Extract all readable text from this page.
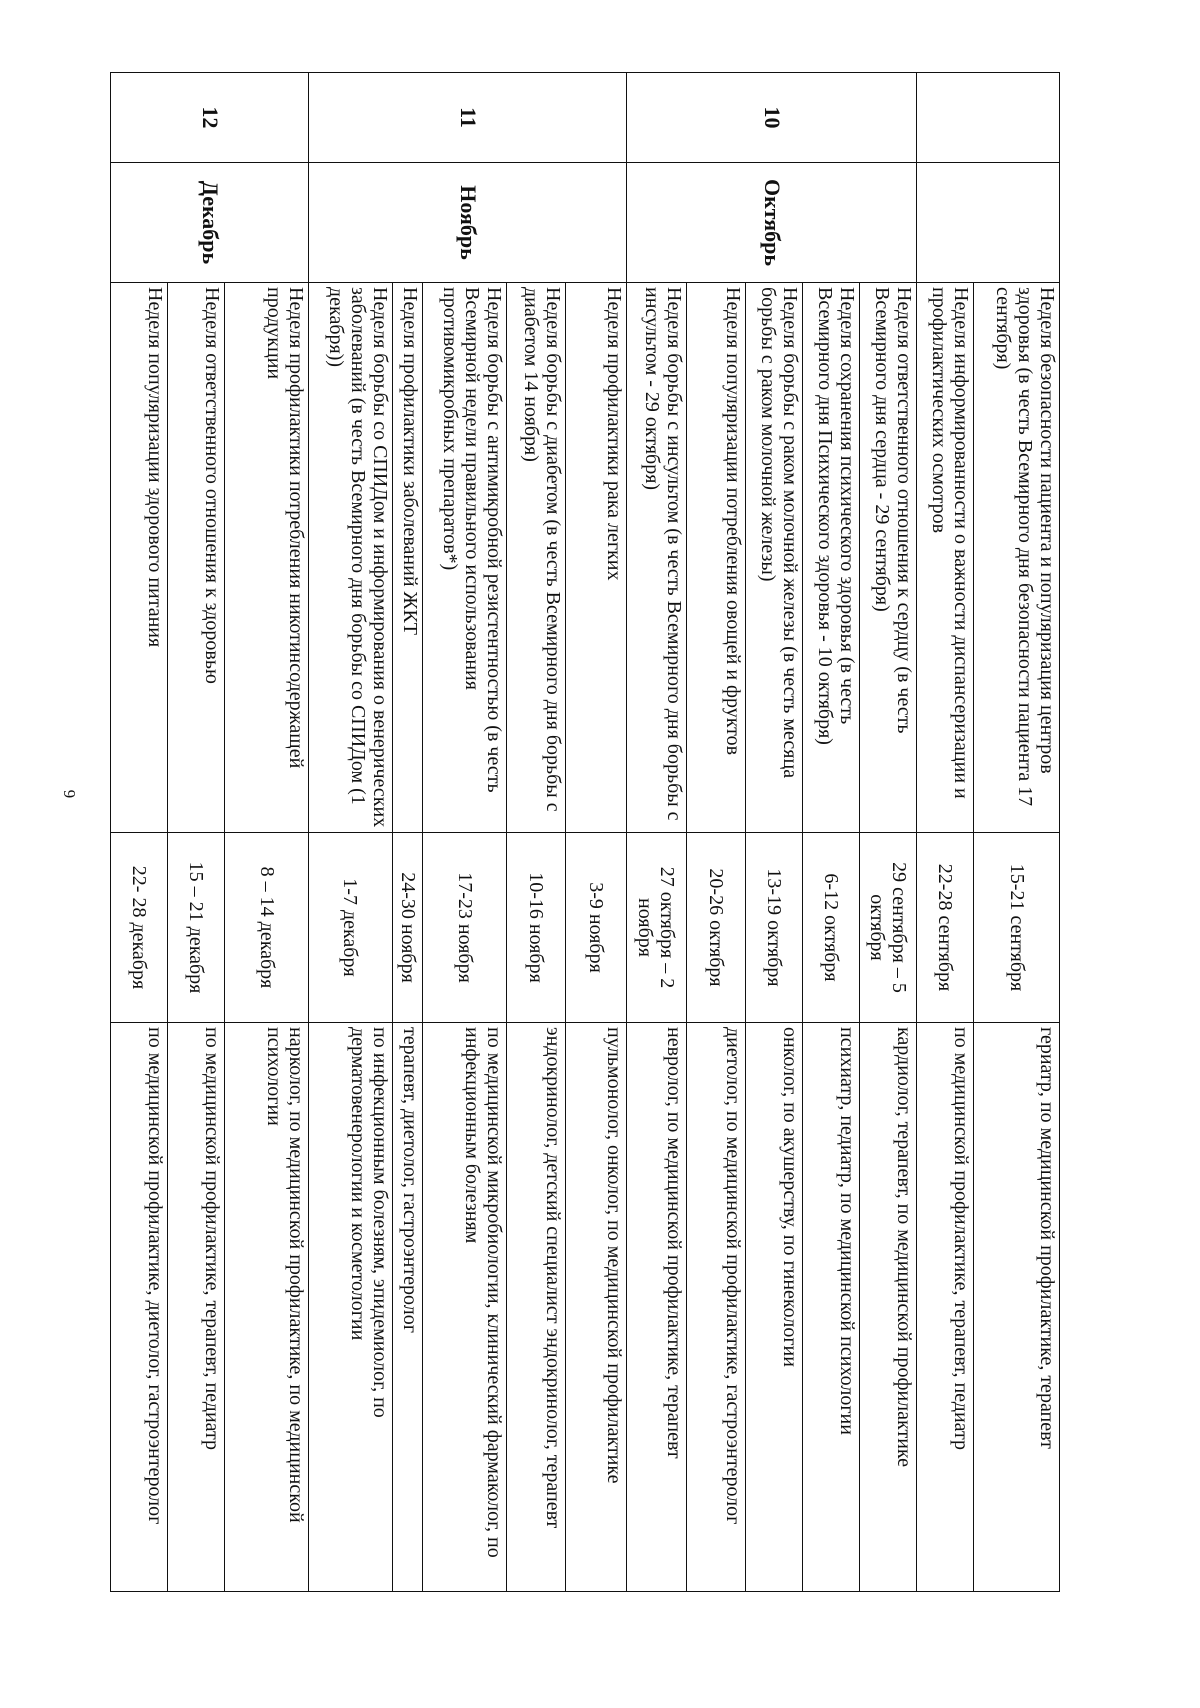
6
		Неделя безопасности пациента и популяризация центров здоровья (в честь Всемирного дня безопасности пациента 17 сентября)	15-21 сентября	гериатр, по медицинской профилактике, терапевт
		Неделя информированности о важности диспансеризации и профилактических осмотров	22-28 сентября	по медицинской профилактике, терапевт, педиатр
10	Октябрь	Неделя ответственного отношения к сердцу (в честь Всемирного дня сердца - 29 сентября)	29 сентября – 5 октября	кардиолог, терапевт, по медицинской профилактике
		Неделя сохранения психического здоровья (в честь Всемирного дня Психического здоровья - 10 октября)	6-12 октября	психиатр, педиатр, по медицинской психологии
		Неделя борьбы с раком молочной железы (в честь месяца борьбы с раком молочной железы)	13-19 октября	онколог, по акушерству, по гинекологии
		Неделя популяризации потребления овощей и фруктов	20-26 октября	диетолог, по медицинской профилактике, гастроэнтеролог
		Неделя борьбы с инсультом (в честь Всемирного дня борьбы с инсультом - 29 октября)	27 октября – 2 ноября	невролог, по медицинской профилактике, терапевт
11	Ноябрь	Неделя профилактики рака легких	3-9 ноября	пульмонолог, онколог, по медицинской профилактике
		Неделя борьбы с диабетом (в честь Всемирного дня борьбы с диабетом 14 ноября)	10-16 ноября	эндокринолог, детский специалист эндокринолог, терапевт
		Неделя борьбы с антимикробной резистентностью (в честь Всемирной недели правильного использования противомикробных препаратов*)	17-23 ноября	по медицинской микробиологии, клинический фармаколог, по инфекционным болезням
		Неделя профилактики заболеваний ЖКТ	24-30 ноября	терапевт, диетолог, гастроэнтеролог
		Неделя борьбы со СПИДом и информирования о венерических заболеваний (в честь Всемирного дня борьбы со СПИДом (1 декабря))	1-7 декабря	по инфекционным болезням, эпидемиолог, по дерматовенерологии и косметологии
12	Декабрь	Неделя профилактики потребления никотинсодержащей продукции	8 – 14 декабря	нарколог, по медицинской профилактике, по медицинской психологии
		Неделя ответственного отношения к здоровью	15 – 21 декабря	по медицинской профилактике, терапевт, педиатр
		Неделя популяризации здорового питания	22- 28 декабря	по медицинской профилактике, диетолог, гастроэнтеролог
